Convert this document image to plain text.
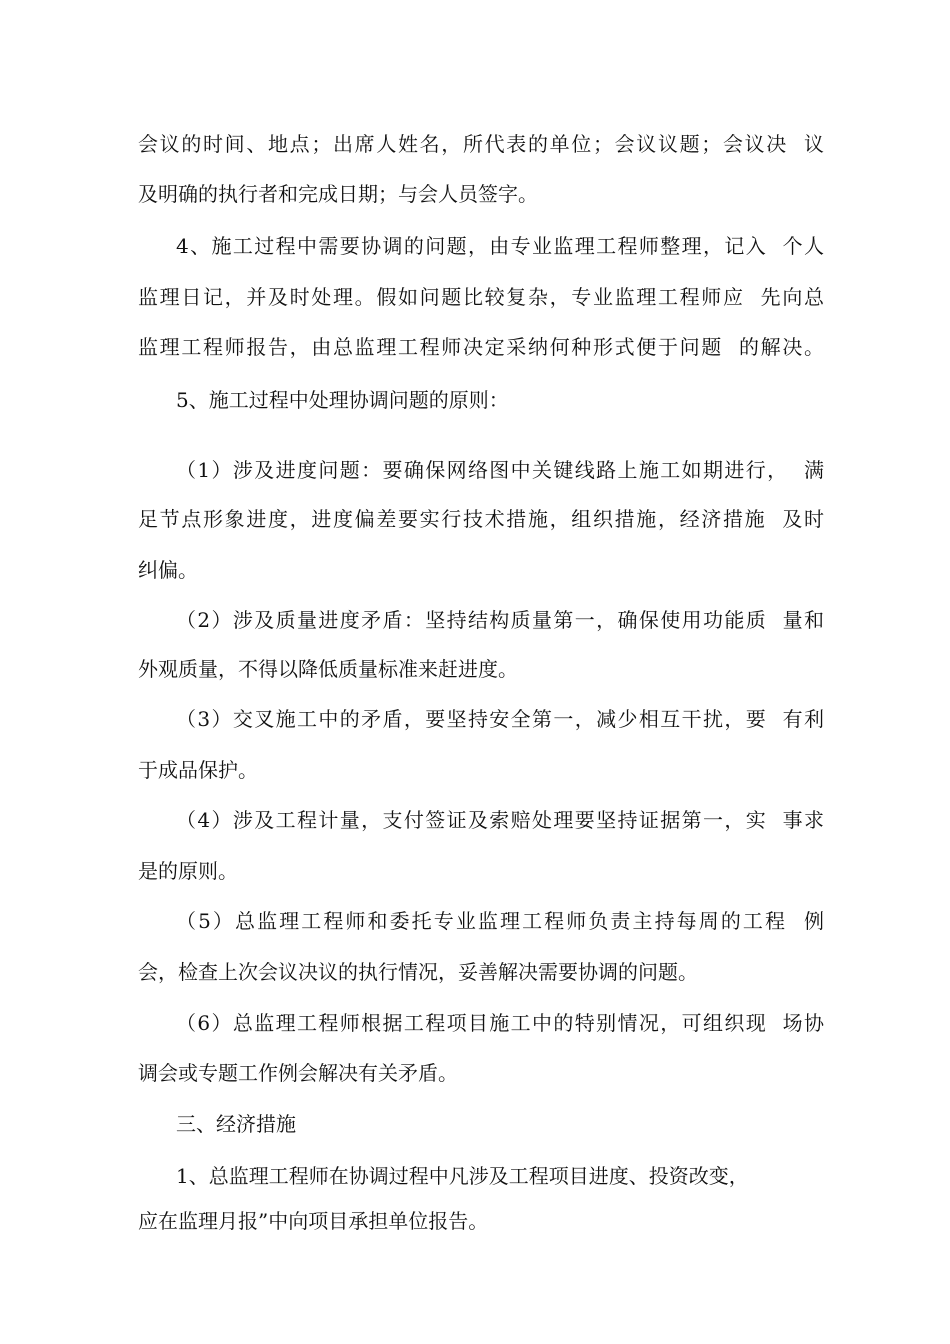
会议的时间、地点；出席人姓名，所代表的单位；会议议题；会议决  议
及明确的执行者和完成日期；与会人员签字。
4、施工过程中需要协调的问题，由专业监理工程师整理，记入  个人
监理日记，并及时处理。假如问题比较复杂，专业监理工程师应  先向总
监理工程师报告，由总监理工程师决定采纳何种形式便于问题  的解决。
5、施工过程中处理协调问题的原则：
（1）涉及进度问题：要确保网络图中关键线路上施工如期进行，  满
足节点形象进度，进度偏差要实行技术措施，组织措施，经济措施  及时
纠偏。
（2）涉及质量进度矛盾：坚持结构质量第一，确保使用功能质  量和
外观质量，不得以降低质量标准来赶进度。
（3）交叉施工中的矛盾，要坚持安全第一，减少相互干扰，要  有利
于成品保护。
（4）涉及工程计量，支付签证及索赔处理要坚持证据第一，实  事求
是的原则。
（5）总监理工程师和委托专业监理工程师负责主持每周的工程  例
会，检查上次会议决议的执行情况，妥善解决需要协调的问题。
（6）总监理工程师根据工程项目施工中的特别情况，可组织现  场协
调会或专题工作例会解决有关矛盾。
三、经济措施
1、总监理工程师在协调过程中凡涉及工程项目进度、投资改变，
应在监理月报”中向项目承担单位报告。
